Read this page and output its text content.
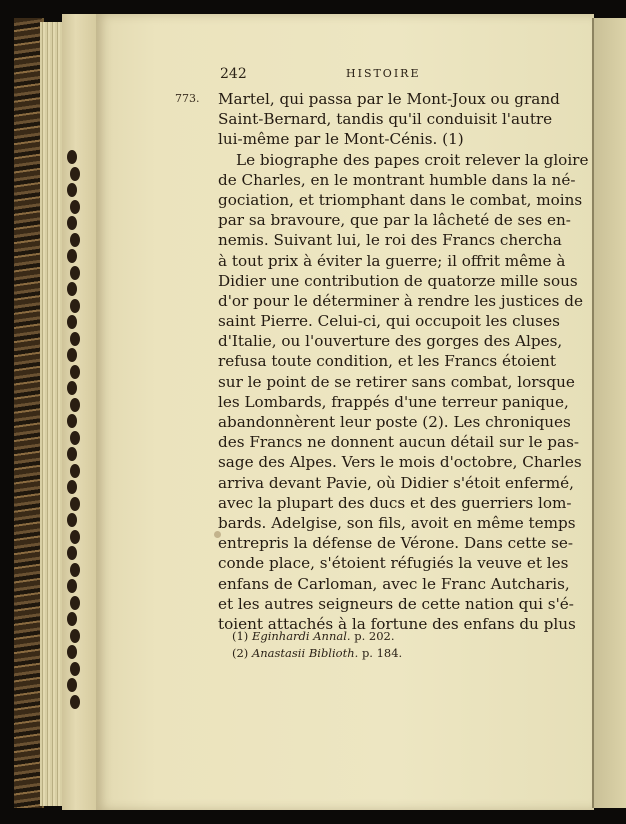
242	HISTOIRE
773. Martel, qui passa par le Mont-Joux ou grand
Saint-Bernard, tandis qu'il conduisit l'autre
lui-même par le Mont-Cénis. (1)
Le biographe des papes croit relever la gloire
de Charles, en le montrant humble dans la né-
gociation, et triomphant dans le combat, moins
par sa bravoure, que par la lâcheté de ses en-
nemis. Suivant lui, le roi des Francs chercha
à tout prix à éviter la guerre; il offrit même à
Didier une contribution de quatorze mille sous
d'or pour le déterminer à rendre les justices de
saint Pierre. Celui-ci, qui occupoit les cluses
d'Italie, ou l'ouverture des gorges des Alpes,
refusa toute condition, et les Francs étoient
sur le point de se retirer sans combat, lorsque
les Lombards, frappés d'une terreur panique,
abandonnèrent leur poste (2). Les chroniques
des Francs ne donnent aucun détail sur le pas-
sage des Alpes. Vers le mois d'octobre, Charles
arriva devant Pavie, où Didier s'étoit enfermé,
avec la plupart des ducs et des guerriers lom-
bards. Adelgise, son fils, avoit en même temps
entrepris la défense de Vérone. Dans cette se-
conde place, s'étoient réfugiés la veuve et les
enfans de Carloman, avec le Franc Autcharis,
et les autres seigneurs de cette nation qui s'é-
toient attachés à la fortune des enfans du plus
(1) Eginhardi Annal. p. 202.
(2) Anastasii Biblioth. p. 184.
